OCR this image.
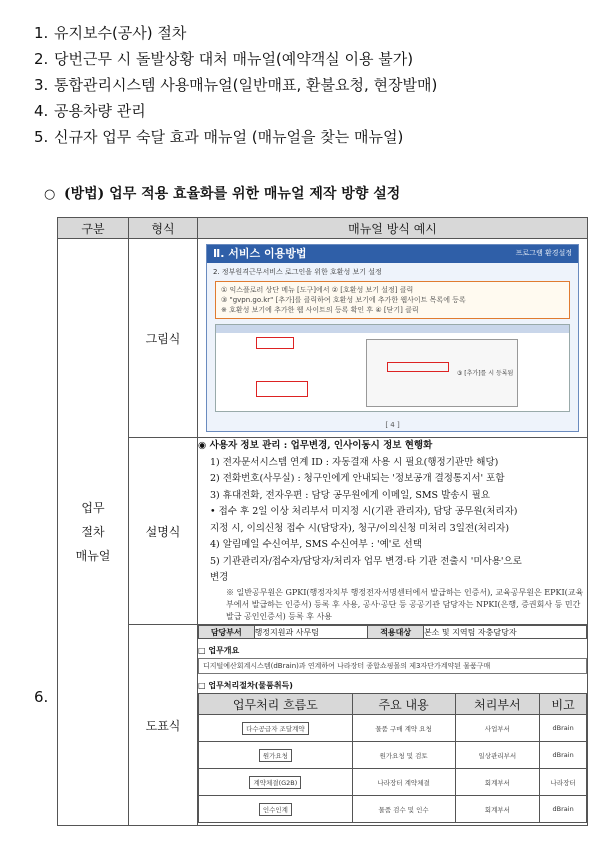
1. 유지보수(공사) 절차
2. 당번근무 시 돌발상황 대처 매뉴얼(예약객실 이용 불가)
3. 통합관리시스템 사용매뉴얼(일반매표, 환불요청, 현장발매)
4. 공용차량 관리
5. 신규자 업무 숙달 효과 매뉴얼 (매뉴얼을 찾는 매뉴얼)
○ (방법) 업무 적용 효율화를 위한 매뉴얼 제작 방향 설정
6.
구분	형식	매뉴얼 방식 예시

업무
절차
매뉴얼
	그림식	
Ⅱ. 서비스 이용방법	프로그램 환경설정
2. 정부원격근무서비스 로그인을 위한 호환성 보기 설정
① 익스플로러 상단 메뉴 [도구]에서 ② [호환성 보기 설정] 클릭
③ "gvpn.go.kr" [추가]를 클릭하여 호환성 보기에 추가한 웹사이트 목록에 등록
※ 호환성 보기에 추가한 웹 사이트의 등록 확인 후 ④ [닫기] 클릭
③ [추가]를 시 등록됨
[ 4 ]

설명식	
◉ 사용자 정보 관리 : 업무변경, 인사이동시 정보 현행화
1) 전자문서시스템 연계 ID : 자동결재 사용 시 필요(행정기관만 해당)
2) 전화번호(사무실) : 청구인에게 안내되는 '정보공개 결정통지서' 포함
3) 휴대전화, 전자우편 : 담당 공무원에게 이메일, SMS 발송시 필요
• 접수 후 2일 이상 처리부서 미지정 시(기관 관리자), 담당 공무원(처리자)
지정 시, 이의신청 접수 시(담당자), 청구/이의신청 미처리 3일전(처리자)
4) 알림메일 수신여부, SMS 수신여부 : '예'로 선택
5) 기관관리자/접수자/담당자/처리자 업무 변경·타 기관 전출시 '미사용'으로
변경
※ 일반공무원은 GPKI(행정자치부 행정전자서명센터에서 발급하는 인증서), 교육공무원은 EPKI(교육부에서 발급하는 인증서) 등록 후 사용, 공사·공단 등 공공기관 담당자는 NPKI(은행, 증권회사 등 민간발급 공인인증서) 등록 후 사용

도표식	
담당부서	행정지원과 사무팀	적용대상	본소 및 지역팀 자충담당자
□ 업무개요
디지털예산회계시스템(dBrain)과 연계하여 나라장터 종합쇼핑몰의 제3자단가계약된 물품구매
□ 업무처리절차(물품취득)
업무처리 흐름도	주요 내용	처리부서	비고
다수공급자 조달계약	물품 구매 계약 요청	사업부서	dBrain
원가요청	원가요청 및 검토	일상관리부서	dBrain
계약체결(G2B)	나라장터 계약체결	회계부서	나라장터
인수인계	물품 검수 및 인수	회계부서	dBrain
